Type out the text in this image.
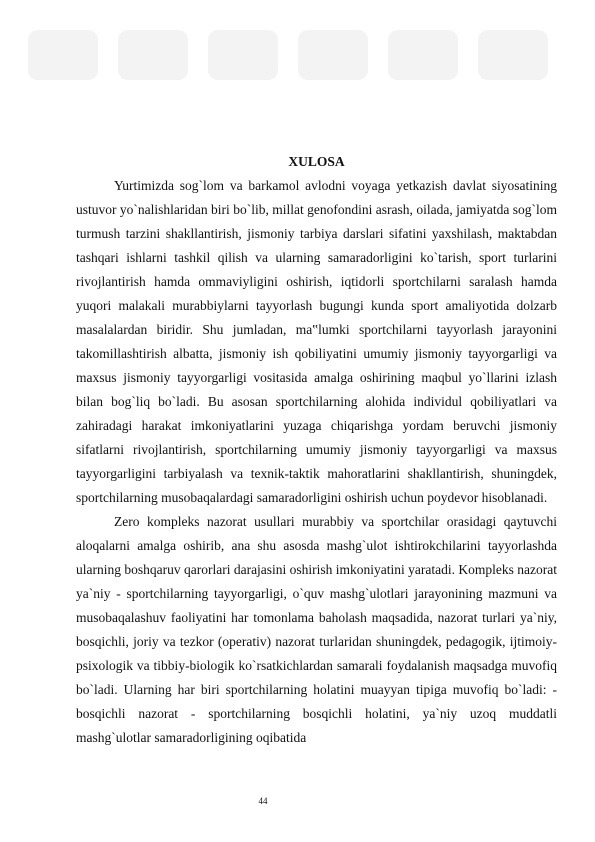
XULOSA

Yurtimizda sog`lom va barkamol avlodni voyaga yetkazish davlat siyosatining ustuvor yo`nalishlaridan biri bo`lib, millat genofondini asrash, oilada, jamiyatda sog`lom turmush tarzini shakllantirish, jismoniy tarbiya darslari sifatini yaxshilash, maktabdan tashqari ishlarni tashkil qilish va ularning samaradorligini ko`tarish, sport turlarini rivojlantirish hamda ommaviyligini oshirish, iqtidorli sportchilarni saralash hamda yuqori malakali murabbiylarni tayyorlash bugungi kunda sport amaliyotida dolzarb masalalardan biridir. Shu jumladan, ma‟lumki sportchilarni tayyorlash jarayonini takomillashtirish albatta, jismoniy ish qobiliyatini umumiy jismoniy tayyorgarligi va maxsus jismoniy tayyorgarligi vositasida amalga oshirining maqbul yo`llarini izlash bilan bog`liq bo`ladi. Bu asosan sportchilarning alohida individul qobiliyatlari va zahiradagi harakat imkoniyatlarini yuzaga chiqarishga yordam beruvchi jismoniy sifatlarni rivojlantirish, sportchilarning umumiy jismoniy tayyorgarligi va maxsus tayyorgarligini tarbiyalash va texnik-taktik mahoratlarini shakllantirish, shuningdek, sportchilarning musobaqalardagi samaradorligini oshirish uchun poydevor hisoblanadi.

Zero kompleks nazorat usullari murabbiy va sportchilar orasidagi qaytuvchi aloqalarni amalga oshirib, ana shu asosda mashg`ulot ishtirokchilarini tayyorlashda ularning boshqaruv qarorlari darajasini oshirish imkoniyatini yaratadi. Kompleks nazorat ya`niy - sportchilarning tayyorgarligi, o`quv mashg`ulotlari jarayonining mazmuni va musobaqalashuv faoliyatini har tomonlama baholash maqsadida, nazorat turlari ya`niy, bosqichli, joriy va tezkor (operativ) nazorat turlaridan shuningdek, pedagogik, ijtimoiy-psixologik va tibbiy-biologik ko`rsatkichlardan samarali foydalanish maqsadga muvofiq bo`ladi. Ularning har biri sportchilarning holatini muayyan tipiga muvofiq bo`ladi: -bosqichli nazorat - sportchilarning bosqichli holatini, ya`niy uzoq muddatli mashg`ulotlar samaradorligining oqibatida

44
